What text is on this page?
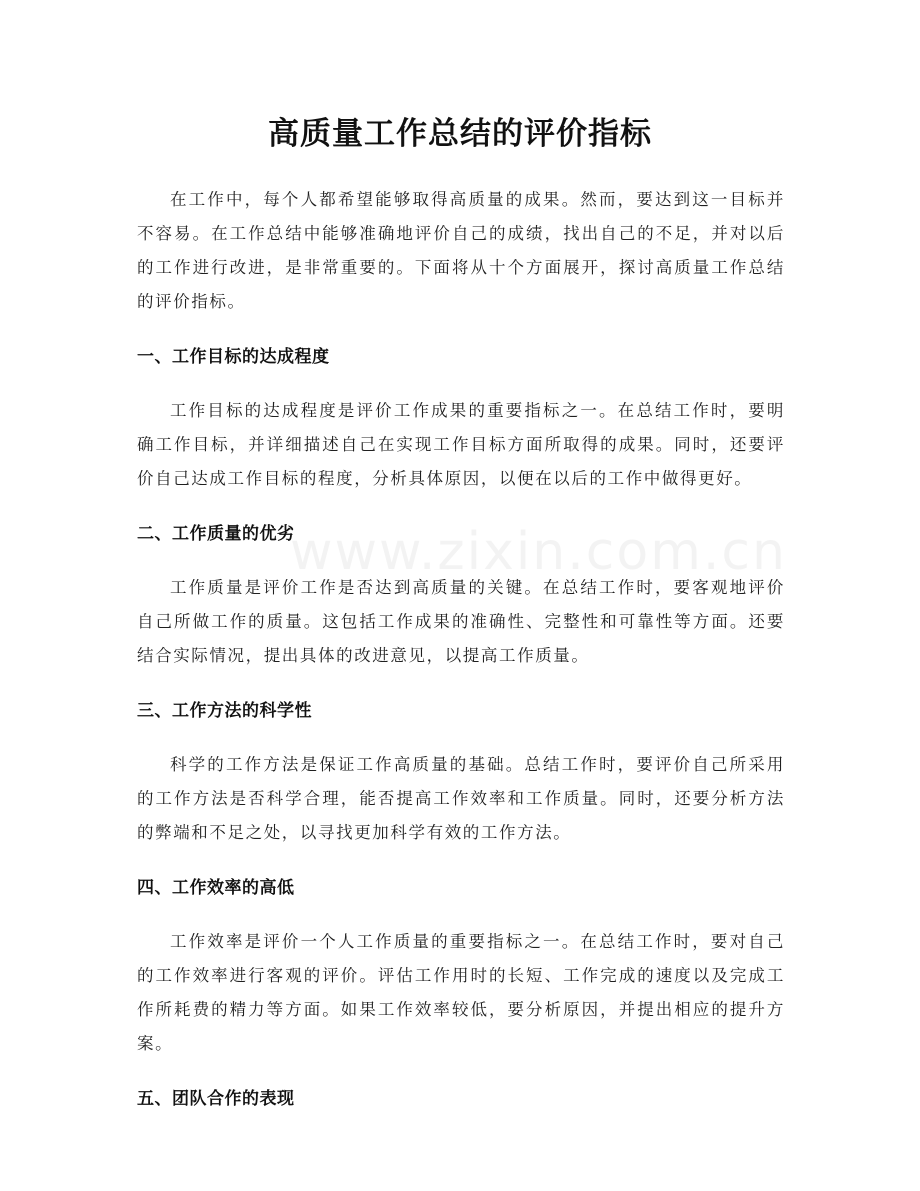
www.zixin.com.cn
高质量工作总结的评价指标

在工作中，每个人都希望能够取得高质量的成果。然而，要达到这一目标并不容易。在工作总结中能够准确地评价自己的成绩，找出自己的不足，并对以后的工作进行改进，是非常重要的。下面将从十个方面展开，探讨高质量工作总结的评价指标。

一、工作目标的达成程度

工作目标的达成程度是评价工作成果的重要指标之一。在总结工作时，要明确工作目标，并详细描述自己在实现工作目标方面所取得的成果。同时，还要评价自己达成工作目标的程度，分析具体原因，以便在以后的工作中做得更好。

二、工作质量的优劣

工作质量是评价工作是否达到高质量的关键。在总结工作时，要客观地评价自己所做工作的质量。这包括工作成果的准确性、完整性和可靠性等方面。还要结合实际情况，提出具体的改进意见，以提高工作质量。

三、工作方法的科学性

科学的工作方法是保证工作高质量的基础。总结工作时，要评价自己所采用的工作方法是否科学合理，能否提高工作效率和工作质量。同时，还要分析方法的弊端和不足之处，以寻找更加科学有效的工作方法。

四、工作效率的高低

工作效率是评价一个人工作质量的重要指标之一。在总结工作时，要对自己的工作效率进行客观的评价。评估工作用时的长短、工作完成的速度以及完成工作所耗费的精力等方面。如果工作效率较低，要分析原因，并提出相应的提升方案。

五、团队合作的表现
